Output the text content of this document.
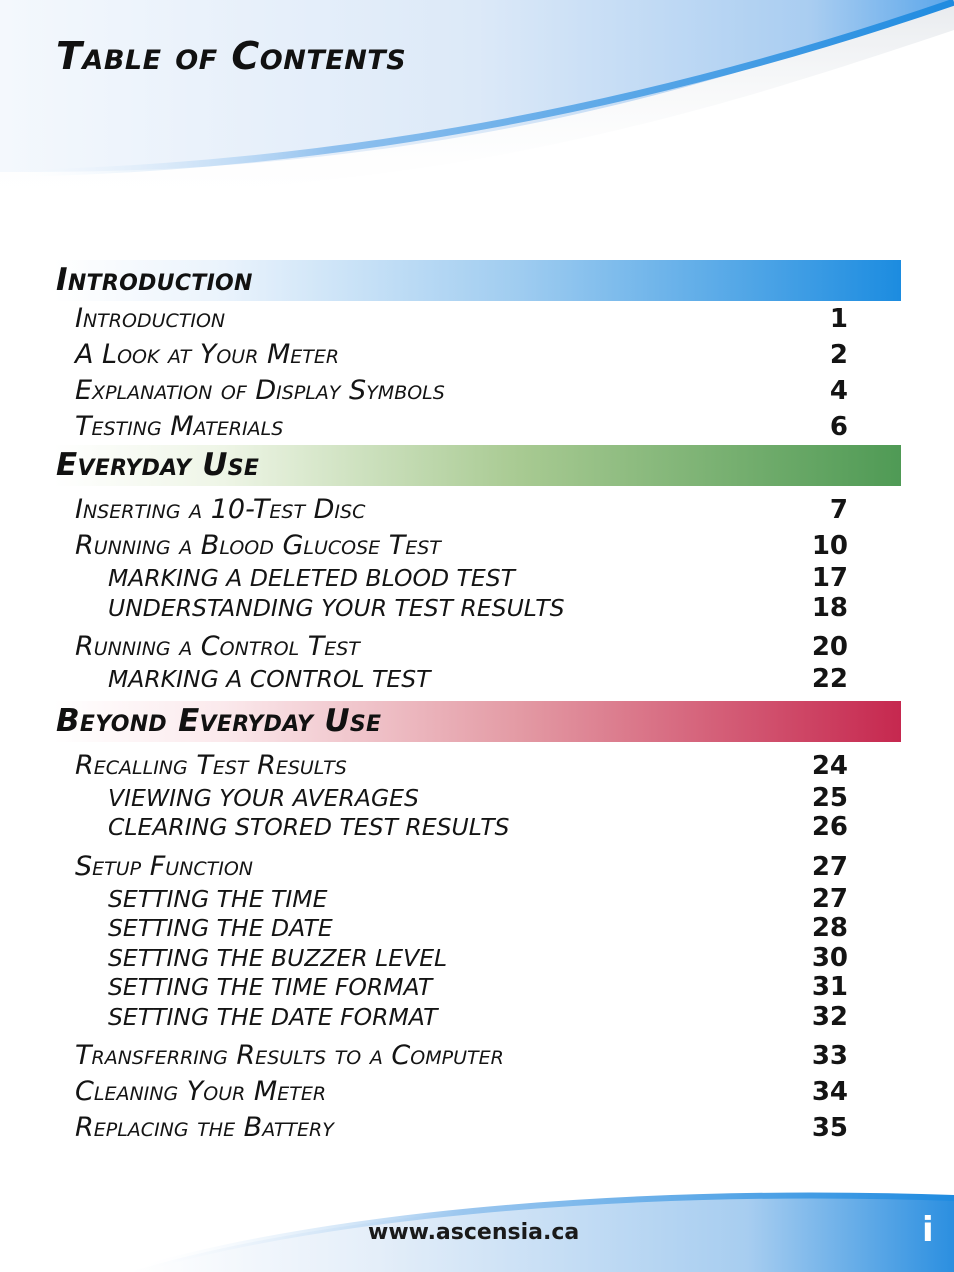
Table of Contents
Introduction
Introduction	1
A Look at Your Meter	2
Explanation of Display Symbols	4
Testing Materials	6
Everyday Use
Inserting a 10-Test Disc	7
Running a Blood Glucose Test	10
MARKING A DELETED BLOOD TEST	17
UNDERSTANDING YOUR TEST RESULTS	18
Running a Control Test	20
MARKING A CONTROL TEST	22
Beyond Everyday Use
Recalling Test Results	24
VIEWING YOUR AVERAGES	25
CLEARING STORED TEST RESULTS	26
Setup Function	27
SETTING THE TIME	27
SETTING THE DATE	28
SETTING THE BUZZER LEVEL	30
SETTING THE TIME FORMAT	31
SETTING THE DATE FORMAT	32
Transferring Results to a Computer	33
Cleaning Your Meter	34
Replacing the Battery	35
www.ascensia.ca	i
